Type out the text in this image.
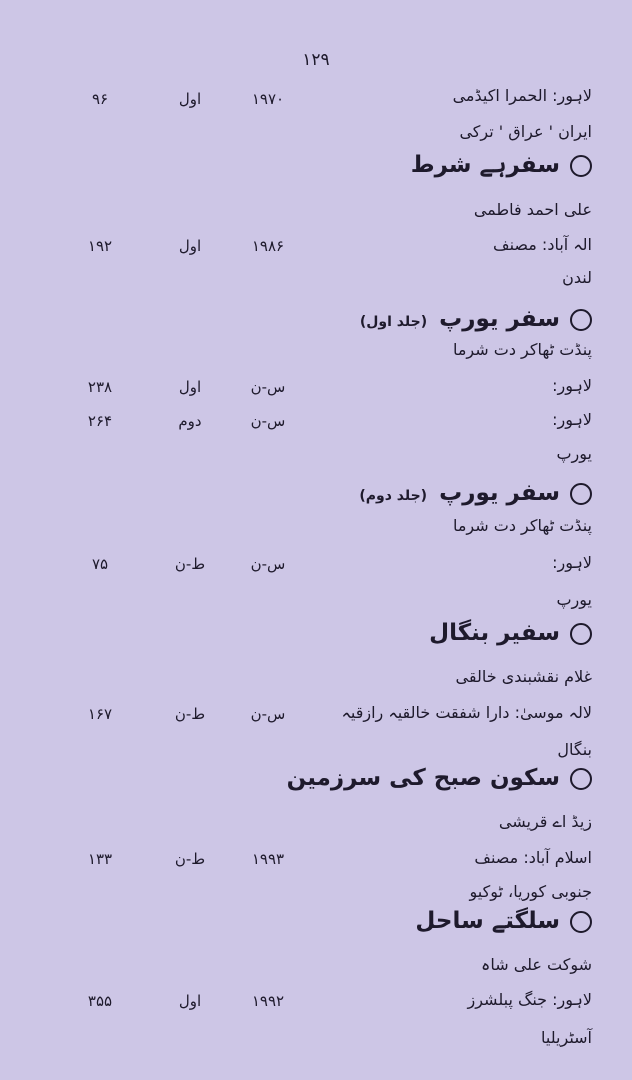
۱۲۹
لاہور: الحمرا اکیڈمی
۱۹۷۰
اول
۹۶
ایران ' عراق ' ترکی
سفرہے شرط
علی احمد فاطمی
الہ آباد: مصنف
۱۹۸۶
اول
۱۹۲
لندن
سفر یورپ(جلد اول)
پنڈت ٹھاکر دت شرما
لاہور:
س-ن
اول
۲۳۸
لاہور:
س-ن
دوم
۲۶۴
یورپ
سفر یورپ(جلد دوم)
پنڈت ٹھاکر دت شرما
لاہور:
س-ن
ط-ن
۷۵
یورپ
سفیر بنگال
غلام نقشبندی خالقی
لالہ موسیٰ: دارا شفقت خالقیہ رازقیہ
س-ن
ط-ن
۱۶۷
بنگال
سکون صبح کی سرزمین
زیڈ اے قریشی
اسلام آباد: مصنف
۱۹۹۳
ط-ن
۱۳۳
جنوبی کوریا، ٹوکیو
سلگتے ساحل
شوکت علی شاہ
لاہور: جنگ پبلشرز
۱۹۹۲
اول
۳۵۵
آسٹریلیا
